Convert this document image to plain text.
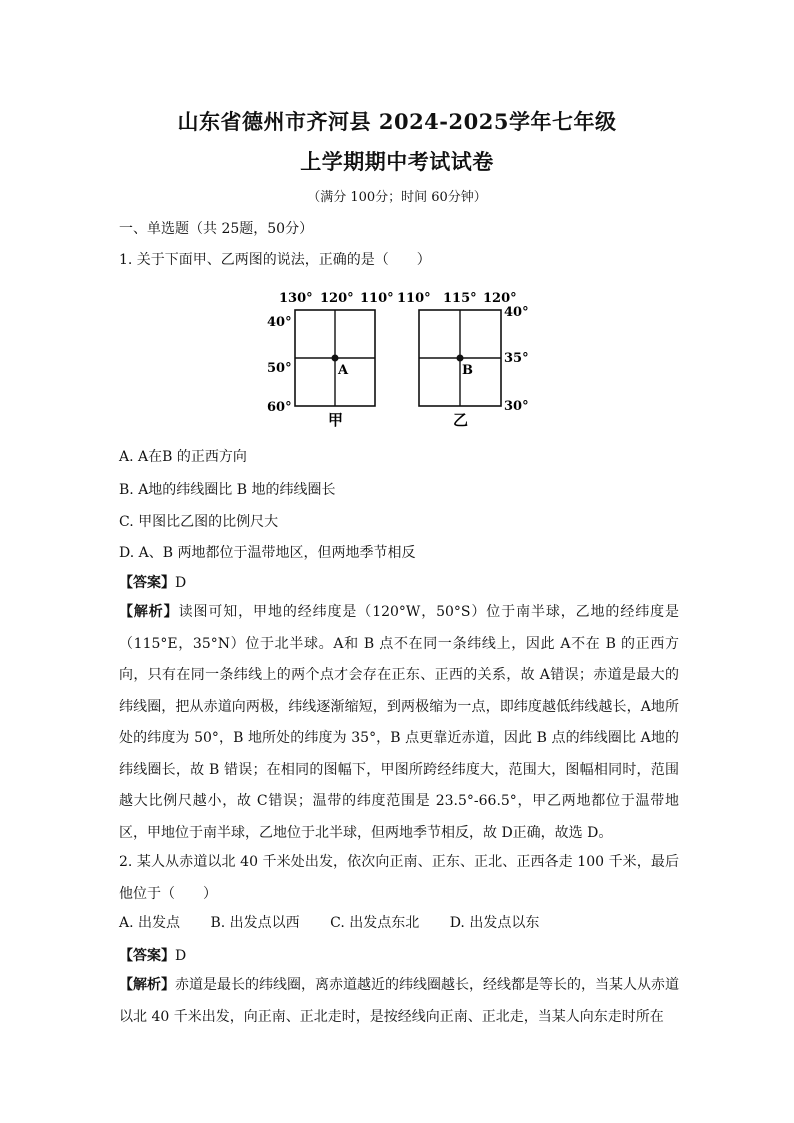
山东省德州市齐河县 2024-2025学年七年级
上学期期中考试试卷
（满分 100分；时间 60分钟）
一、单选题（共 25题，50分）
1. 关于下面甲、乙两图的说法，正确的是（　　）
130° 120° 110°
40°
50°
60°
A
甲
110° 115° 120°
40°
35°
30°
B
乙
A. A在B 的正西方向
B. A地的纬线圈比 B 地的纬线圈长
C. 甲图比乙图的比例尺大
D. A、B 两地都位于温带地区，但两地季节相反
【答案】D
【解析】读图可知，甲地的经纬度是（120°W，50°S）位于南半球，乙地的经纬度是（115°E，35°N）位于北半球。A和 B 点不在同一条纬线上，因此 A不在 B 的正西方向，只有在同一条纬线上的两个点才会存在正东、正西的关系，故 A错误；赤道是最大的纬线圈，把从赤道向两极，纬线逐渐缩短，到两极缩为一点，即纬度越低纬线越长，A地所处的纬度为 50°，B 地所处的纬度为 35°，B 点更靠近赤道，因此 B 点的纬线圈比 A地的纬线圈长，故 B 错误；在相同的图幅下，甲图所跨经纬度大，范围大，图幅相同时，范围越大比例尺越小，故 C错误；温带的纬度范围是 23.5°-66.5°，甲乙两地都位于温带地区，甲地位于南半球，乙地位于北半球，但两地季节相反，故 D正确，故选 D。
2. 某人从赤道以北 40 千米处出发，依次向正南、正东、正北、正西各走 100 千米，最后他位于（　　）
A. 出发点 B. 出发点以西 C. 出发点东北 D. 出发点以东
【答案】D
【解析】赤道是最长的纬线圈，离赤道越近的纬线圈越长，经线都是等长的，当某人从赤道以北 40 千米出发，向正南、正北走时，是按经线向正南、正北走，当某人向东走时所在
